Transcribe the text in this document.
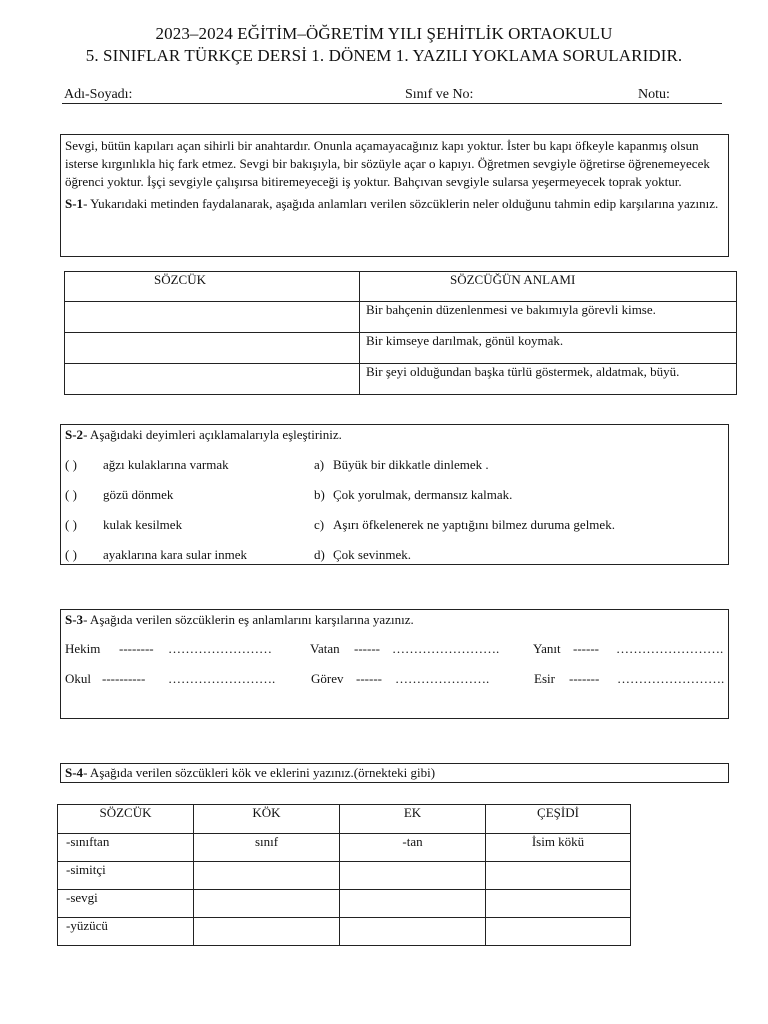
2023–2024 EĞİTİM–ÖĞRETİM YILI ŞEHİTLİK ORTAOKULU
5. SINIFLAR TÜRKÇE DERSİ 1. DÖNEM 1. YAZILI YOKLAMA SORULARIDIR.
Adı-Soyadı:	Sınıf ve No:	Notu:
Sevgi, bütün kapıları açan sihirli bir anahtardır. Onunla açamayacağınız kapı yoktur. İster bu kapı öfkeyle kapanmış olsun isterse kırgınlıkla hiç fark etmez. Sevgi bir bakışıyla, bir sözüyle açar o kapıyı. Öğretmen sevgiyle öğretirse öğrenemeyecek öğrenci yoktur. İşçi sevgiyle çalışırsa bitiremeyeceği iş yoktur. Bahçıvan sevgiyle sularsa yeşermeyecek toprak yoktur.
S-1- Yukarıdaki metinden faydalanarak, aşağıda anlamları verilen sözcüklerin neler olduğunu tahmin edip karşılarına yazınız.
SÖZCÜK	SÖZCÜĞÜN ANLAMI
	Bir bahçenin düzenlenmesi ve bakımıyla görevli kimse.
	Bir kimseye darılmak, gönül koymak.
	Bir şeyi olduğundan başka türlü göstermek, aldatmak, büyü.
S-2- Aşağıdaki deyimleri açıklamalarıyla eşleştiriniz.
( ) ağzı kulaklarına varmak	a) Büyük bir dikkatle dinlemek .
( ) gözü dönmek	b) Çok yorulmak, dermansız kalmak.
( ) kulak kesilmek	c) Aşırı öfkelenerek ne yaptığını bilmez duruma gelmek.
( ) ayaklarına kara sular inmek	d) Çok sevinmek.
S-3- Aşağıda verilen sözcüklerin eş anlamlarını karşılarına yazınız.
Hekim -------- ……………………	Vatan ------ …………………….	Yanıt ------ …………………….
Okul ---------- …………………….	Görev ------ ………………….	Esir ------- …………………….
S-4- Aşağıda verilen sözcükleri kök ve eklerini yazınız.(örnekteki gibi)
SÖZCÜK	KÖK	EK	ÇEŞİDİ
-sınıftan	sınıf	-tan	İsim kökü
-simitçi			
-sevgi			
-yüzücü			
